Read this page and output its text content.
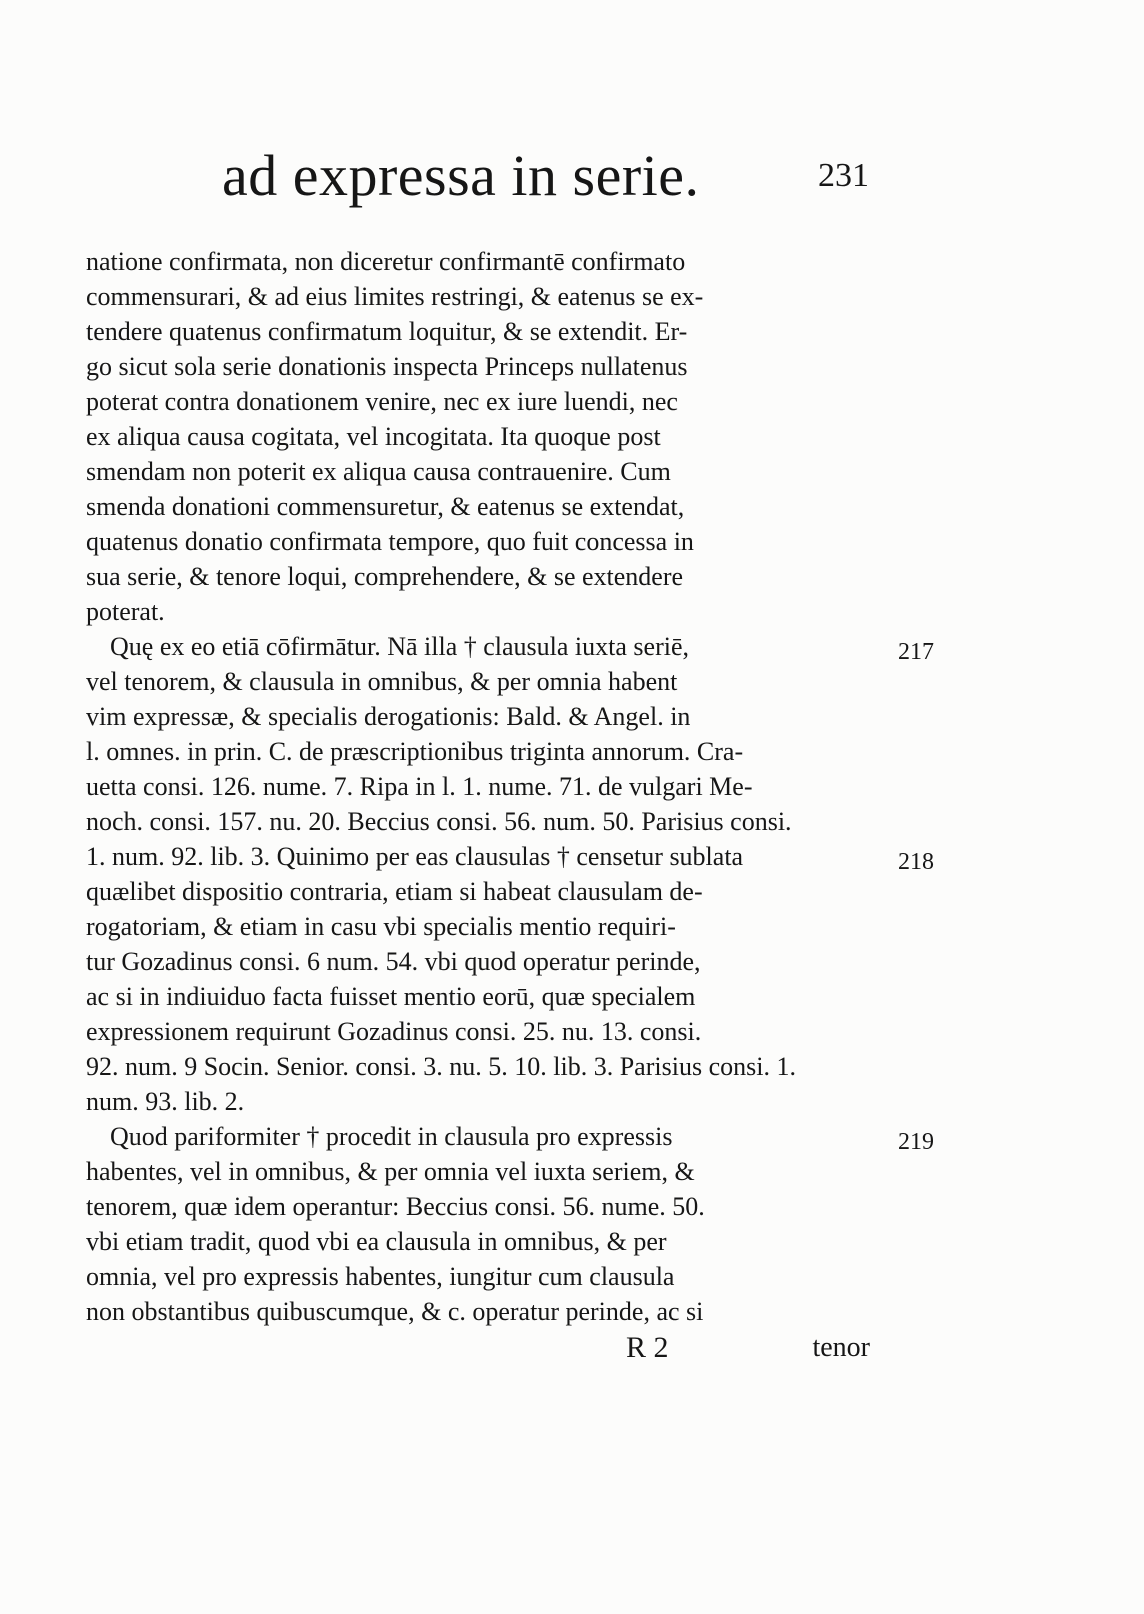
ad expressa in serie.	231
natione confirmata, non diceretur confirmantē confirmato
commensurari, & ad eius limites restringi, & eatenus se ex-
tendere quatenus confirmatum loquitur, & se extendit. Er-
go sicut sola serie donationis inspecta Princeps nullatenus
poterat contra donationem venire, nec ex iure luendi, nec
ex aliqua causa cogitata, vel incogitata. Ita quoque post
smendam non poterit ex aliqua causa contrauenire. Cum
smenda donationi commensuretur, & eatenus se extendat,
quatenus donatio confirmata tempore, quo fuit concessa in
sua serie, & tenore loqui, comprehendere, & se extendere
poterat.
Quę ex eo etiā cōfirmātur. Nā illa † clausula iuxta seriē,
vel tenorem, & clausula in omnibus, & per omnia habent
vim expressæ, & specialis derogationis: Bald. & Angel. in
l. omnes. in prin. C. de præscriptionibus triginta annorum. Cra-
uetta consi. 126. nume. 7. Ripa in l. 1. nume. 71. de vulgari Me-
noch. consi. 157. nu. 20. Beccius consi. 56. num. 50. Parisius consi.
1. num. 92. lib. 3. Quinimo per eas clausulas † censetur sublata
quælibet dispositio contraria, etiam si habeat clausulam de-
rogatoriam, & etiam in casu vbi specialis mentio requiri-
tur Gozadinus consi. 6 num. 54. vbi quod operatur perinde,
ac si in indiuiduo facta fuisset mentio eorū, quæ specialem
expressionem requirunt Gozadinus consi. 25. nu. 13. consi.
92. num. 9 Socin. Senior. consi. 3. nu. 5. 10. lib. 3. Parisius consi. 1.
num. 93. lib. 2.
Quod pariformiter † procedit in clausula pro expressis
habentes, vel in omnibus, & per omnia vel iuxta seriem, &
tenorem, quæ idem operantur: Beccius consi. 56. nume. 50.
vbi etiam tradit, quod vbi ea clausula in omnibus, & per
omnia, vel pro expressis habentes, iungitur cum clausula
non obstantibus quibuscumque, & c. operatur perinde, ac si
217
218
219
R 2	tenor
